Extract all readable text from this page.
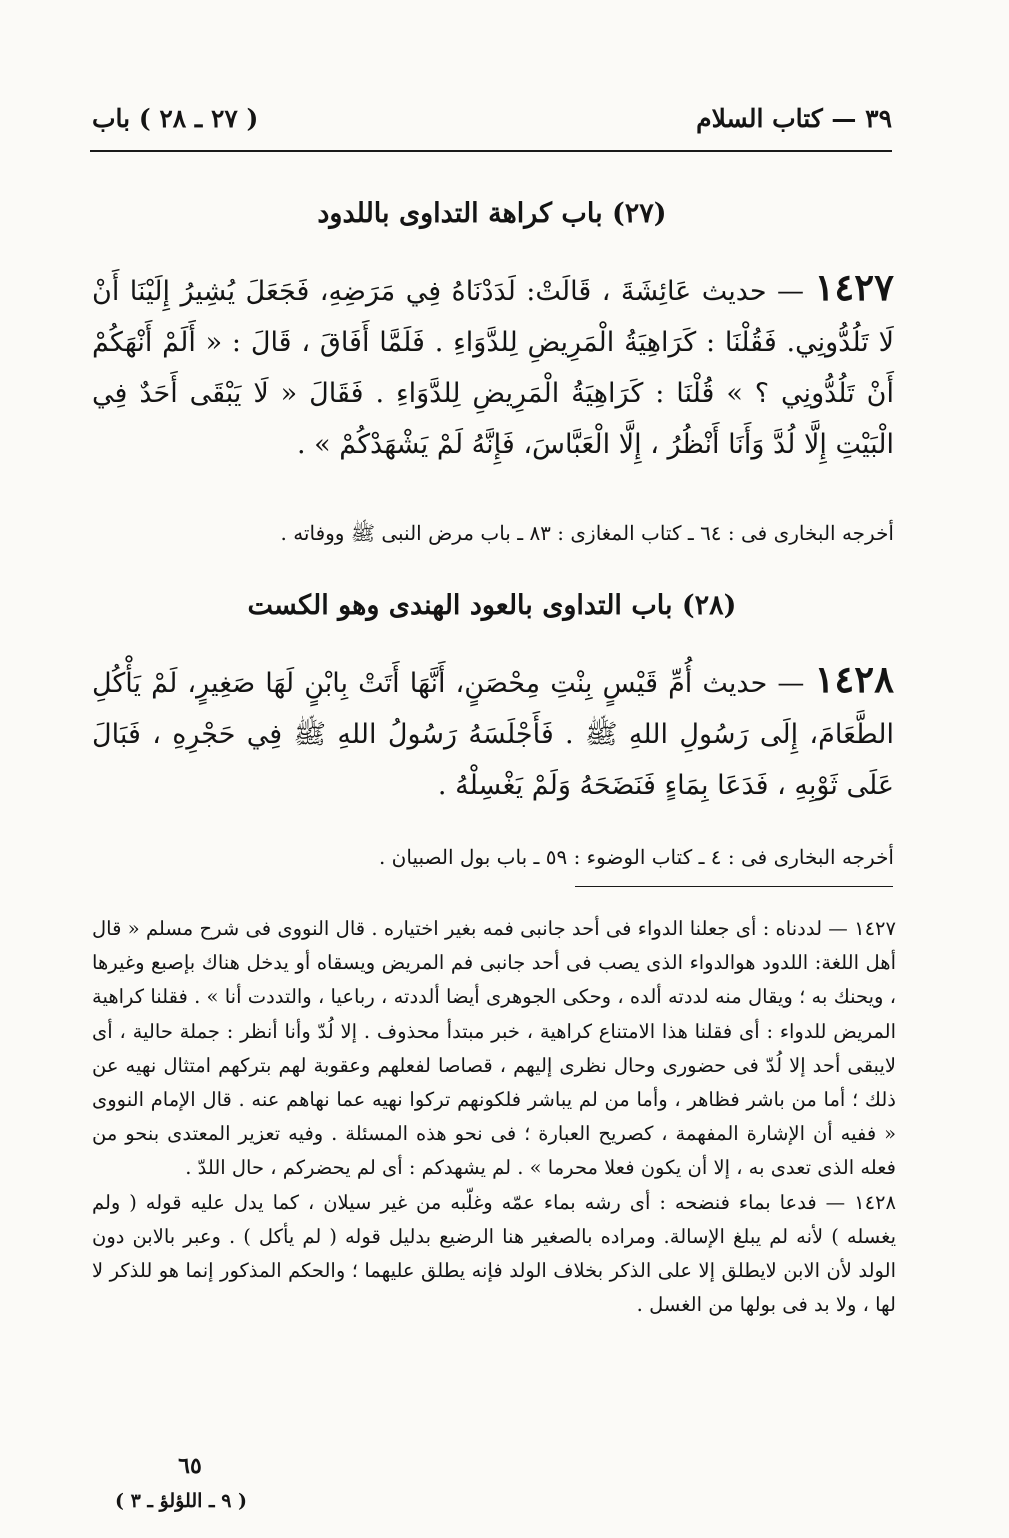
٣٩ — كتاب السلام
( ٢٧ ـ ٢٨ ) باب
(٢٧) باب كراهة التداوى باللدود
١٤٢٧ — حديث عَائِشَةَ ، قَالَتْ: لَدَدْنَاهُ فِي مَرَضِهِ، فَجَعَلَ يُشِيرُ إِلَيْنَا أَنْ لَا تَلُدُّونِي. فَقُلْنَا : كَرَاهِيَةُ الْمَرِيضِ لِلدَّوَاءِ . فَلَمَّا أَفَاقَ ، قَالَ : « أَلَمْ أَنْهَكُمْ أَنْ تَلُدُّونِي ؟ » قُلْنَا : كَرَاهِيَةُ الْمَرِيضِ لِلدَّوَاءِ . فَقَالَ « لَا يَبْقَى أَحَدٌ فِي الْبَيْتِ إِلَّا لُدَّ وَأَنَا أَنْظُرُ ، إِلَّا الْعَبَّاسَ، فَإِنَّهُ لَمْ يَشْهَدْكُمْ » .
أخرجه البخارى فى : ٦٤ ـ كتاب المغازى : ٨٣ ـ باب مرض النبى ﷺ ووفاته .
(٢٨) باب التداوى بالعود الهندى وهو الكست
١٤٢٨ — حديث أُمِّ قَيْسٍ بِنْتِ مِحْصَنٍ، أَنَّهَا أَتَتْ بِابْنٍ لَهَا صَغِيرٍ، لَمْ يَأْكُلِ الطَّعَامَ، إِلَى رَسُولِ اللهِ ﷺ . فَأَجْلَسَهُ رَسُولُ اللهِ ﷺ فِي حَجْرِهِ ، فَبَالَ عَلَى ثَوْبِهِ ، فَدَعَا بِمَاءٍ فَنَضَحَهُ وَلَمْ يَغْسِلْهُ .
أخرجه البخارى فى : ٤ ـ كتاب الوضوء : ٥٩ ـ باب بول الصبيان .

١٤٢٧ — لددناه : أى جعلنا الدواء فى أحد جانبى فمه بغير اختياره . قال النووى فى شرح مسلم « قال أهل اللغة: اللدود هوالدواء الذى يصب فى أحد جانبى فم المريض ويسقاه أو يدخل هناك بإصبع وغيرها ، ويحنك به ؛ ويقال منه لددته ألده ، وحكى الجوهرى أيضا ألددته ، رباعيا ، والتددت أنا » . فقلنا كراهية المريض للدواء : أى فقلنا هذا الامتناع كراهية ، خبر مبتدأ محذوف . إلا لُدّ وأنا أنظر : جملة حالية ، أى لايبقى أحد إلا لُدّ فى حضورى وحال نظرى إليهم ، قصاصا لفعلهم وعقوبة لهم بتركهم امتثال نهيه عن ذلك ؛ أما من باشر فظاهر ، وأما من لم يباشر فلكونهم تركوا نهيه عما نهاهم عنه . قال الإمام النووى « ففيه أن الإشارة المفهمة ، كصريح العبارة ؛ فى نحو هذه المسئلة . وفيه تعزير المعتدى بنحو من فعله الذى تعدى به ، إلا أن يكون فعلا محرما » . لم يشهدكم : أى لم يحضركم ، حال اللدّ .

١٤٢٨ — فدعا بماء فنضحه : أى رشه بماء عمّه وغلّبه من غير سيلان ، كما يدل عليه قوله ( ولم يغسله ) لأنه لم يبلغ الإسالة. ومراده بالصغير هنا الرضيع بدليل قوله ( لم يأكل ) . وعبر بالابن دون الولد لأن الابن لايطلق إلا على الذكر بخلاف الولد فإنه يطلق عليهما ؛ والحكم المذكور إنما هو للذكر لا لها ، ولا بد فى بولها من الغسل .

٦٥
( ٩ ـ اللؤلؤ ـ ٣ )
